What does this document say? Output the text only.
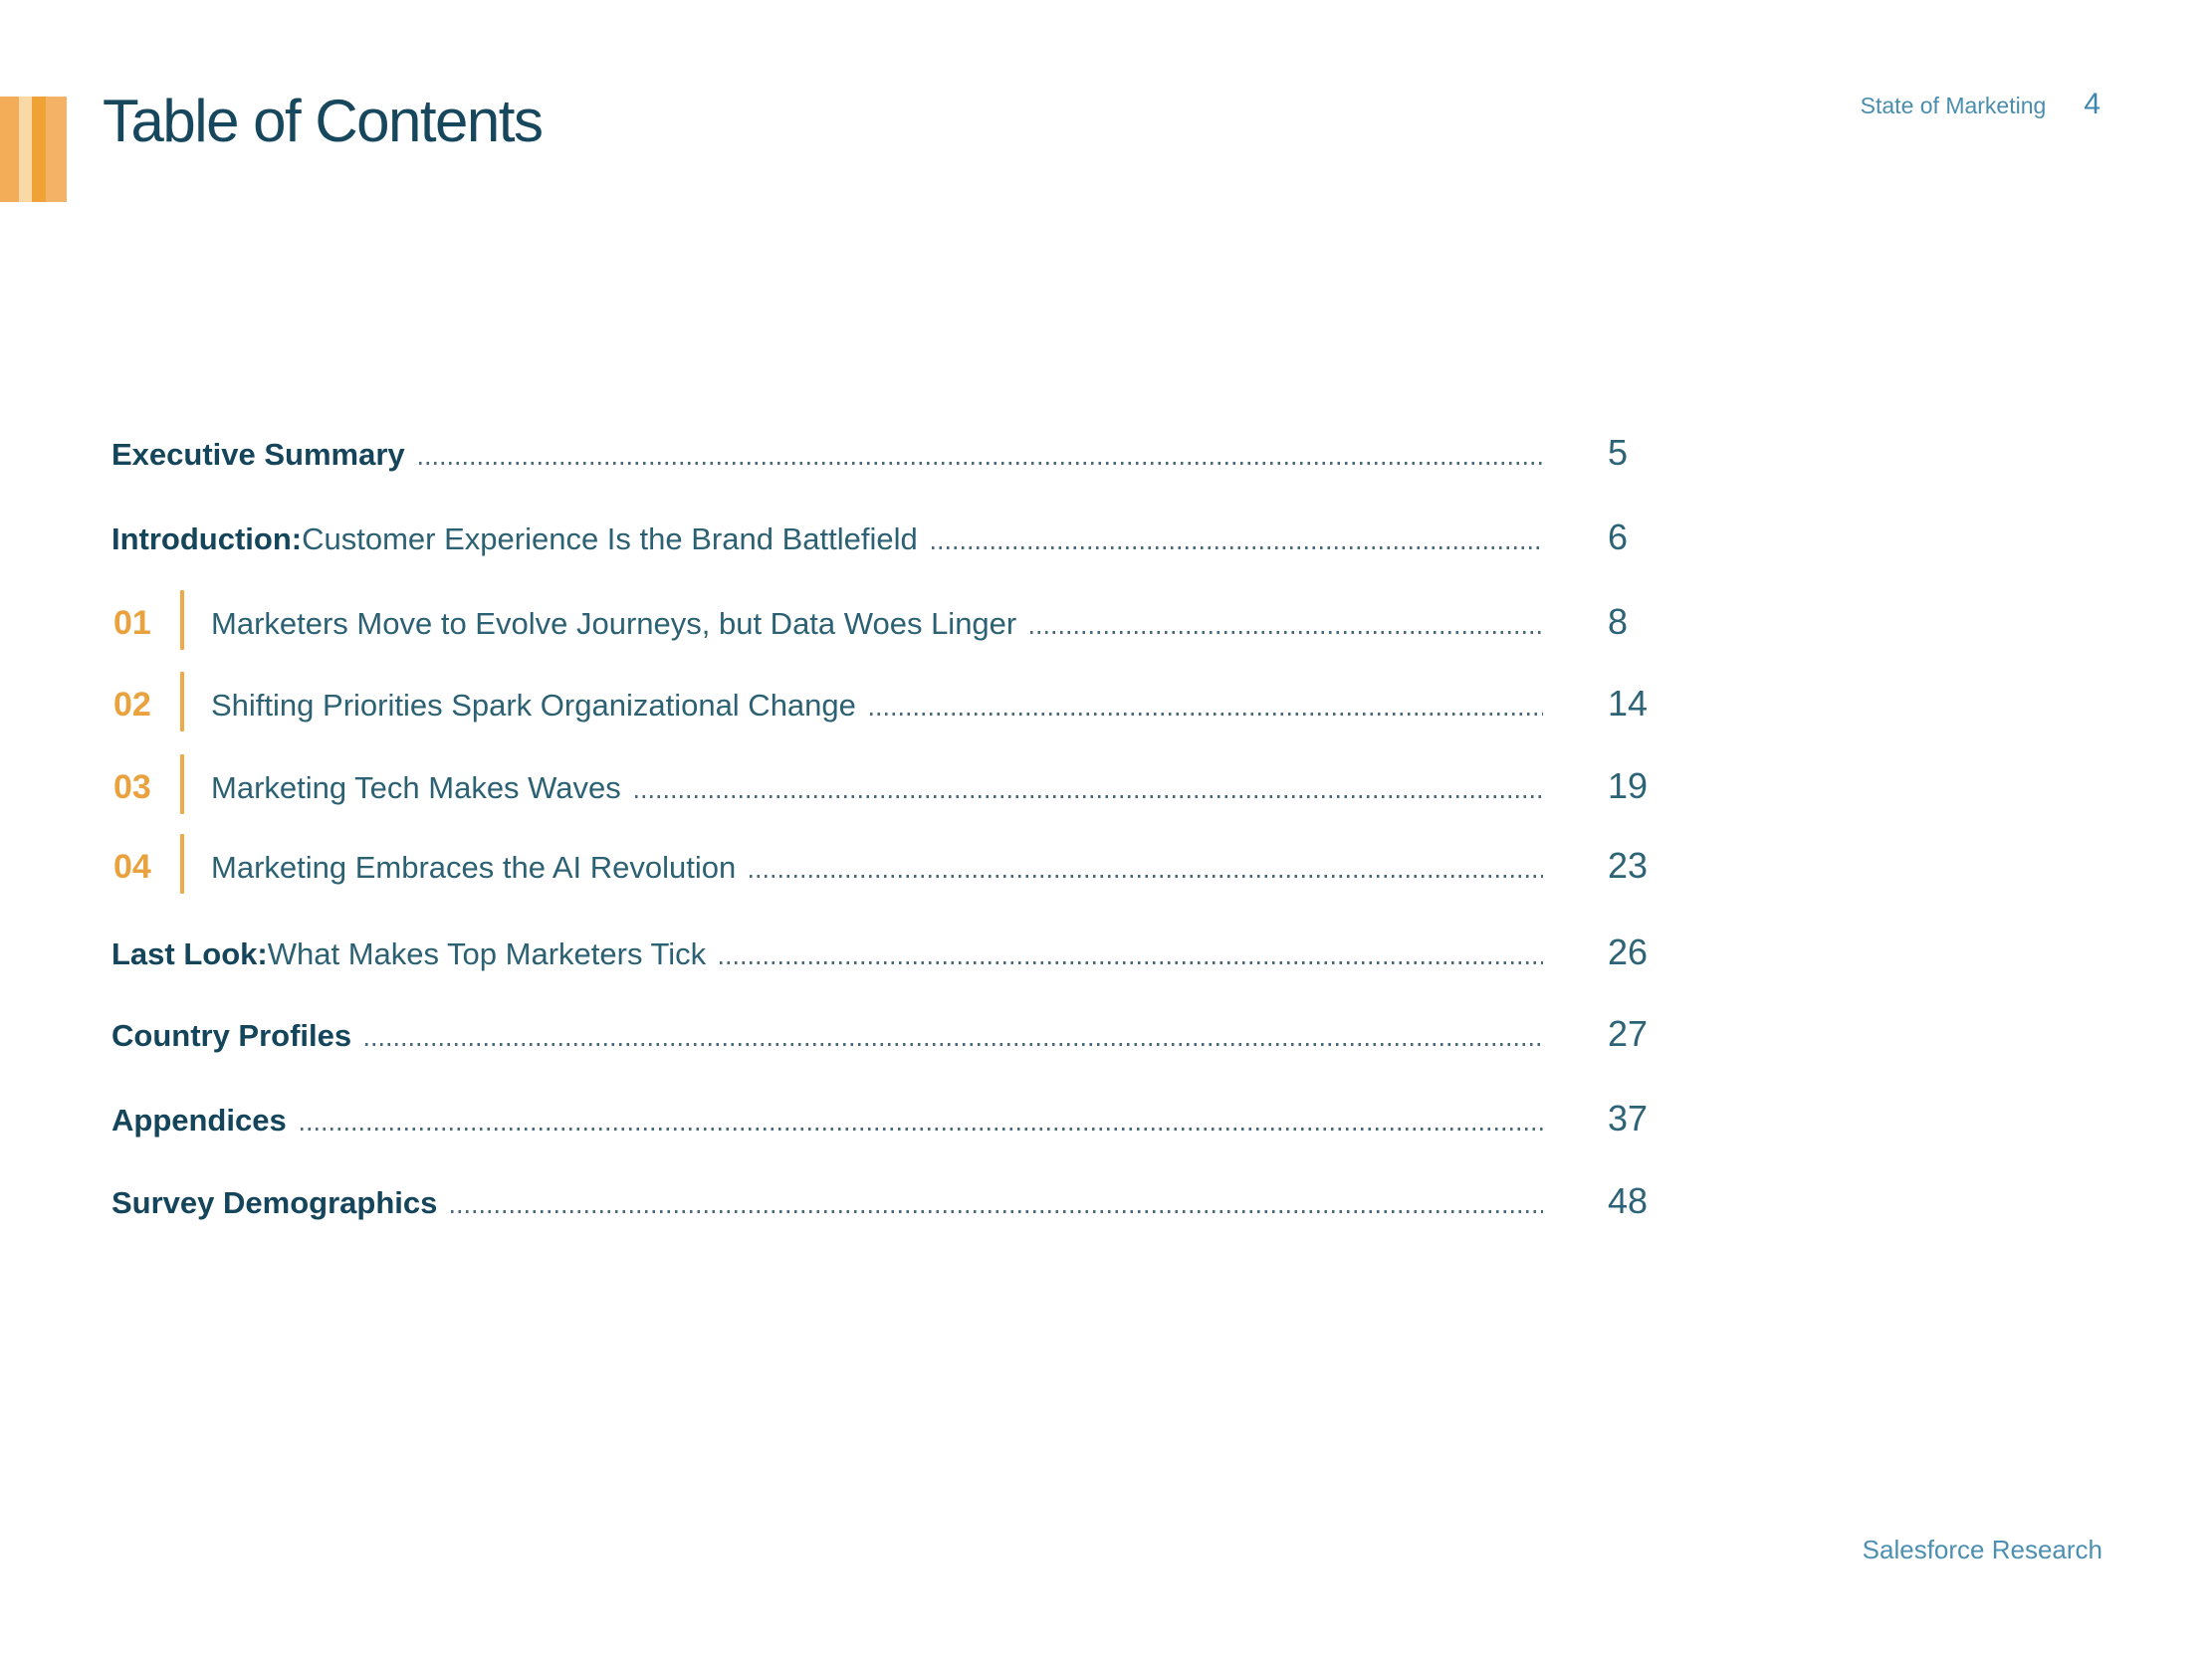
Table of Contents	State of Marketing 4
Executive Summary	5
Introduction: Customer Experience Is the Brand Battlefield	6
01	Marketers Move to Evolve Journeys, but Data Woes Linger	8
02	Shifting Priorities Spark Organizational Change	14
03	Marketing Tech Makes Waves	19
04	Marketing Embraces the AI Revolution	23
Last Look: What Makes Top Marketers Tick	26
Country Profiles	27
Appendices	37
Survey Demographics	48
Salesforce Research
